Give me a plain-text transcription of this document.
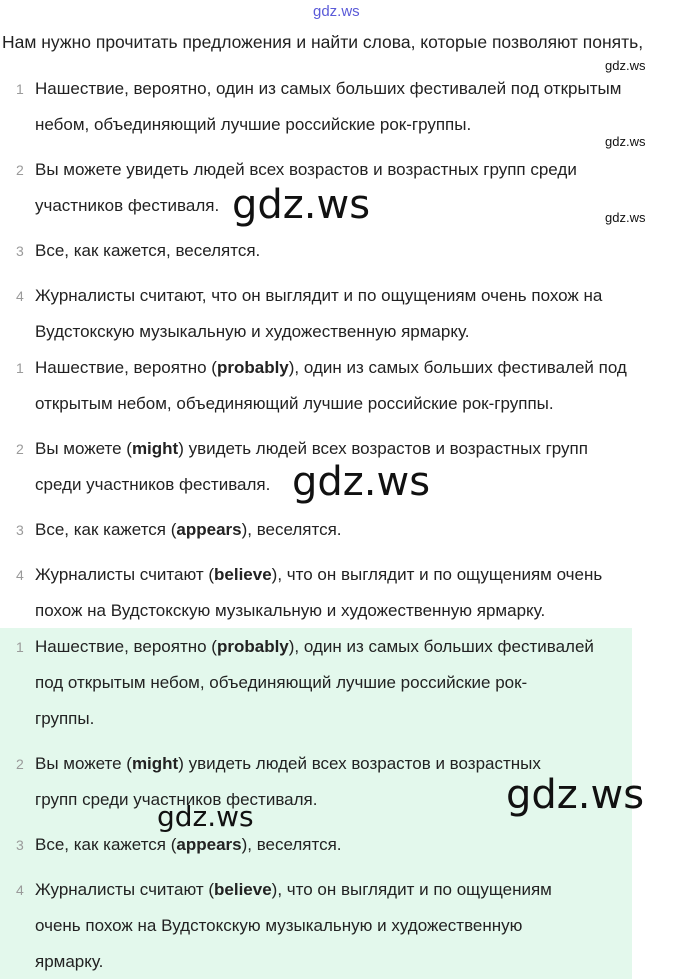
gdz.ws
Нам нужно прочитать предложения и найти слова, которые позволяют понять,
1 Нашествие, вероятно, один из самых больших фестивалей под открытым
небом, объединяющий лучшие российские рок-группы.
2 Вы можете увидеть людей всех возрастов и возрастных групп среди
участников фестиваля.
3 Все, как кажется, веселятся.
4 Журналисты считают, что он выглядит и по ощущениям очень похож на
Вудстокскую музыкальную и художественную ярмарку.
1 Нашествие, вероятно (probably), один из самых больших фестивалей под
открытым небом, объединяющий лучшие российские рок-группы.
2 Вы можете (might) увидеть людей всех возрастов и возрастных групп
среди участников фестиваля.
3 Все, как кажется (appears), веселятся.
4 Журналисты считают (believe), что он выглядит и по ощущениям очень
похож на Вудстокскую музыкальную и художественную ярмарку.
1 Нашествие, вероятно (probably), один из самых больших фестивалей
под открытым небом, объединяющий лучшие российские рок-
группы.
2 Вы можете (might) увидеть людей всех возрастов и возрастных
групп среди участников фестиваля.
3 Все, как кажется (appears), веселятся.
4 Журналисты считают (believe), что он выглядит и по ощущениям
очень похож на Вудстокскую музыкальную и художественную
ярмарку.
gdz.ws
gdz.ws
gdz.ws
gdz.ws
gdz.ws
gdz.ws
gdz.ws
